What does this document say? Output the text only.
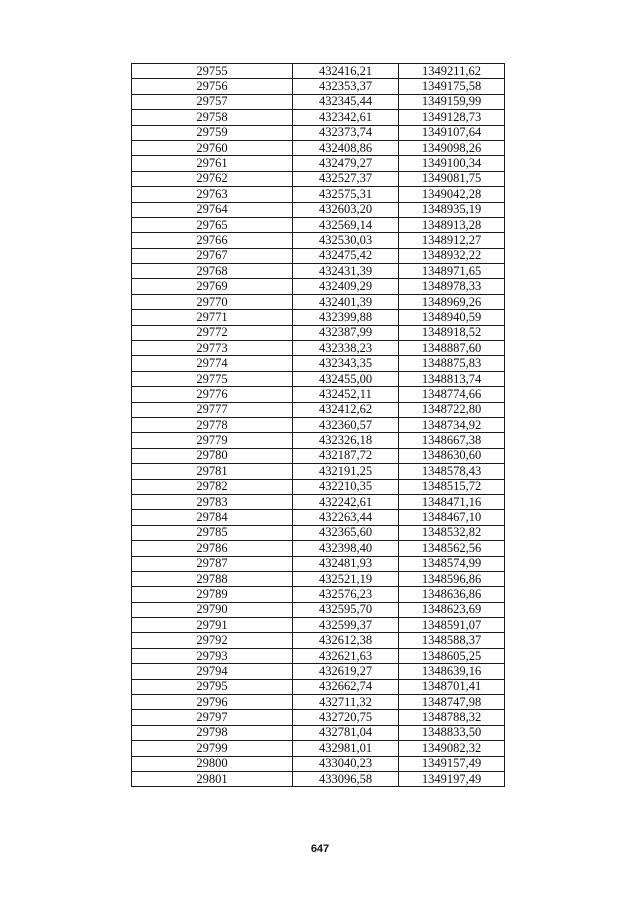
29755	432416,21	1349211,62
29756	432353,37	1349175,58
29757	432345,44	1349159,99
29758	432342,61	1349128,73
29759	432373,74	1349107,64
29760	432408,86	1349098,26
29761	432479,27	1349100,34
29762	432527,37	1349081,75
29763	432575,31	1349042,28
29764	432603,20	1348935,19
29765	432569,14	1348913,28
29766	432530,03	1348912,27
29767	432475,42	1348932,22
29768	432431,39	1348971,65
29769	432409,29	1348978,33
29770	432401,39	1348969,26
29771	432399,88	1348940,59
29772	432387,99	1348918,52
29773	432338,23	1348887,60
29774	432343,35	1348875,83
29775	432455,00	1348813,74
29776	432452,11	1348774,66
29777	432412,62	1348722,80
29778	432360,57	1348734,92
29779	432326,18	1348667,38
29780	432187,72	1348630,60
29781	432191,25	1348578,43
29782	432210,35	1348515,72
29783	432242,61	1348471,16
29784	432263,44	1348467,10
29785	432365,60	1348532,82
29786	432398,40	1348562,56
29787	432481,93	1348574,99
29788	432521,19	1348596,86
29789	432576,23	1348636,86
29790	432595,70	1348623,69
29791	432599,37	1348591,07
29792	432612,38	1348588,37
29793	432621,63	1348605,25
29794	432619,27	1348639,16
29795	432662,74	1348701,41
29796	432711,32	1348747,98
29797	432720,75	1348788,32
29798	432781,04	1348833,50
29799	432981,01	1349082,32
29800	433040,23	1349157,49
29801	433096,58	1349197,49
647
